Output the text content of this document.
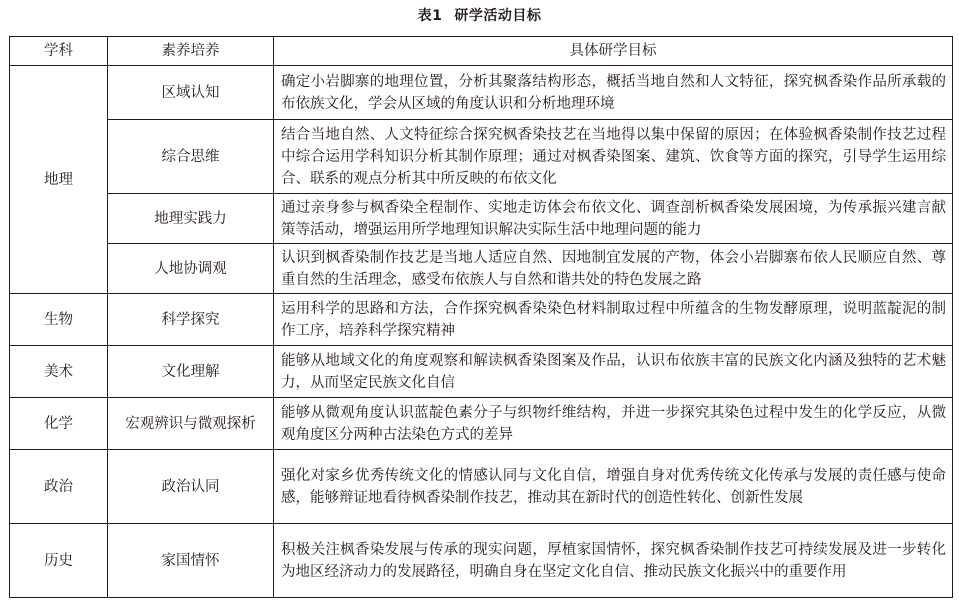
表1 研学活动目标
学科	素养培养	具体研学目标
地理	区域认知	确定小岩脚寨的地理位置，分析其聚落结构形态，概括当地自然和人文特征，探究枫香染作品所承载的布依族文化，学会从区域的角度认识和分析地理环境
	综合思维	结合当地自然、人文特征综合探究枫香染技艺在当地得以集中保留的原因；在体验枫香染制作技艺过程中综合运用学科知识分析其制作原理；通过对枫香染图案、建筑、饮食等方面的探究，引导学生运用综合、联系的观点分析其中所反映的布依文化
	地理实践力	通过亲身参与枫香染全程制作、实地走访体会布依文化、调查剖析枫香染发展困境，为传承振兴建言献策等活动，增强运用所学地理知识解决实际生活中地理问题的能力
	人地协调观	认识到枫香染制作技艺是当地人适应自然、因地制宜发展的产物，体会小岩脚寨布依人民顺应自然、尊重自然的生活理念，感受布依族人与自然和谐共处的特色发展之路
生物	科学探究	运用科学的思路和方法，合作探究枫香染染色材料制取过程中所蕴含的生物发酵原理，说明蓝靛泥的制作工序，培养科学探究精神
美术	文化理解	能够从地域文化的角度观察和解读枫香染图案及作品，认识布依族丰富的民族文化内涵及独特的艺术魅力，从而坚定民族文化自信
化学	宏观辨识与微观探析	能够从微观角度认识蓝靛色素分子与织物纤维结构，并进一步探究其染色过程中发生的化学反应，从微观角度区分两种古法染色方式的差异
政治	政治认同	强化对家乡优秀传统文化的情感认同与文化自信，增强自身对优秀传统文化传承与发展的责任感与使命感，能够辩证地看待枫香染制作技艺，推动其在新时代的创造性转化、创新性发展
历史	家国情怀	积极关注枫香染发展与传承的现实问题，厚植家国情怀，探究枫香染制作技艺可持续发展及进一步转化为地区经济动力的发展路径，明确自身在坚定文化自信、推动民族文化振兴中的重要作用
